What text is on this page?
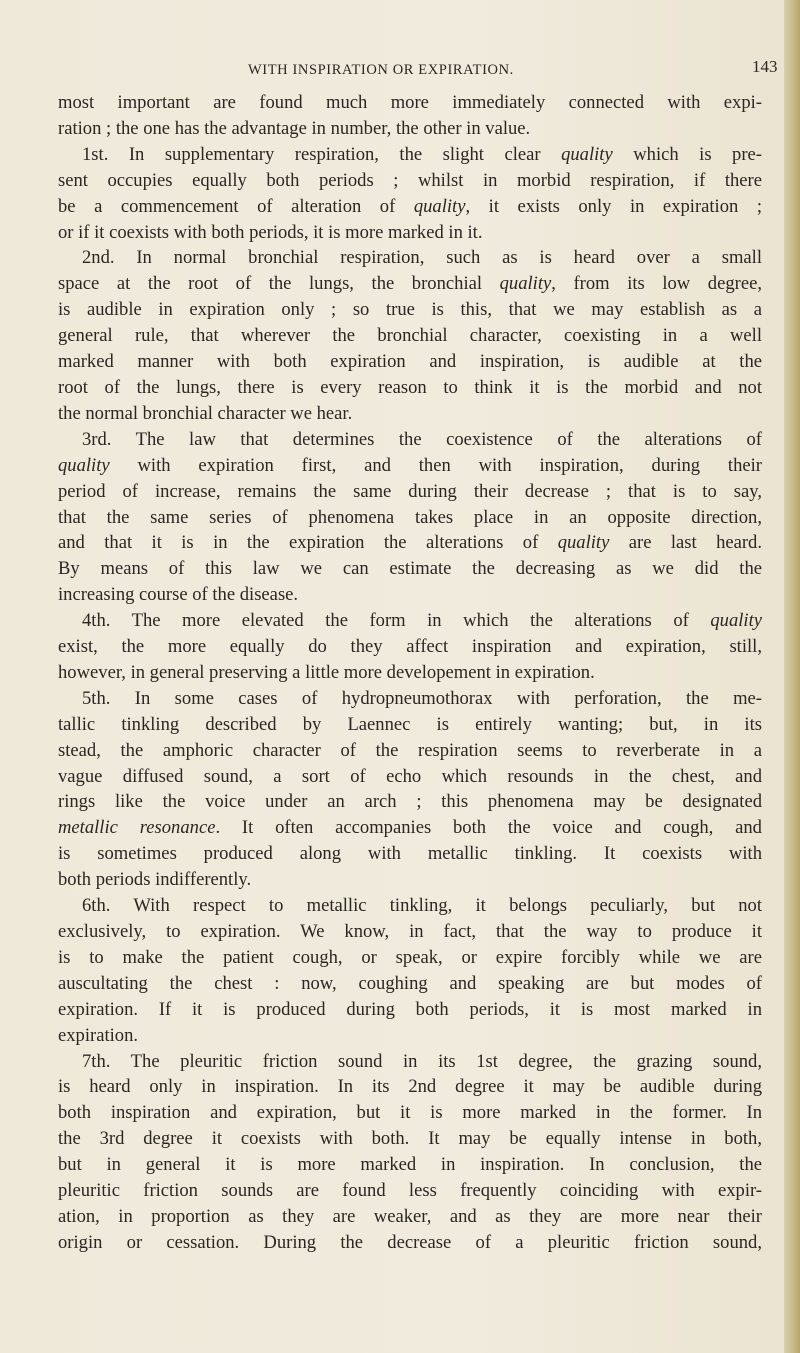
WITH INSPIRATION OR EXPIRATION.	143
most important are found much more immediately connected with expi-
ration ; the one has the advantage in number, the other in value.
1st. In supplementary respiration, the slight clear quality which is pre-
sent occupies equally both periods ; whilst in morbid respiration, if there
be a commencement of alteration of quality, it exists only in expiration ;
or if it coexists with both periods, it is more marked in it.
2nd. In normal bronchial respiration, such as is heard over a small
space at the root of the lungs, the bronchial quality, from its low degree,
is audible in expiration only ; so true is this, that we may establish as a
general rule, that wherever the bronchial character, coexisting in a well
marked manner with both expiration and inspiration, is audible at the
root of the lungs, there is every reason to think it is the morbid and not
the normal bronchial character we hear.
3rd. The law that determines the coexistence of the alterations of
quality with expiration first, and then with inspiration, during their
period of increase, remains the same during their decrease ; that is to say,
that the same series of phenomena takes place in an opposite direction,
and that it is in the expiration the alterations of quality are last heard.
By means of this law we can estimate the decreasing as we did the
increasing course of the disease.
4th. The more elevated the form in which the alterations of quality
exist, the more equally do they affect inspiration and expiration, still,
however, in general preserving a little more developement in expiration.
5th. In some cases of hydropneumothorax with perforation, the me-
tallic tinkling described by Laennec is entirely wanting; but, in its
stead, the amphoric character of the respiration seems to reverberate in a
vague diffused sound, a sort of echo which resounds in the chest, and
rings like the voice under an arch ; this phenomena may be designated
metallic resonance. It often accompanies both the voice and cough, and
is sometimes produced along with metallic tinkling. It coexists with
both periods indifferently.
6th. With respect to metallic tinkling, it belongs peculiarly, but not
exclusively, to expiration. We know, in fact, that the way to produce it
is to make the patient cough, or speak, or expire forcibly while we are
auscultating the chest : now, coughing and speaking are but modes of
expiration. If it is produced during both periods, it is most marked in
expiration.
7th. The pleuritic friction sound in its 1st degree, the grazing sound,
is heard only in inspiration. In its 2nd degree it may be audible during
both inspiration and expiration, but it is more marked in the former. In
the 3rd degree it coexists with both. It may be equally intense in both,
but in general it is more marked in inspiration. In conclusion, the
pleuritic friction sounds are found less frequently coinciding with expir-
ation, in proportion as they are weaker, and as they are more near their
origin or cessation. During the decrease of a pleuritic friction sound,
